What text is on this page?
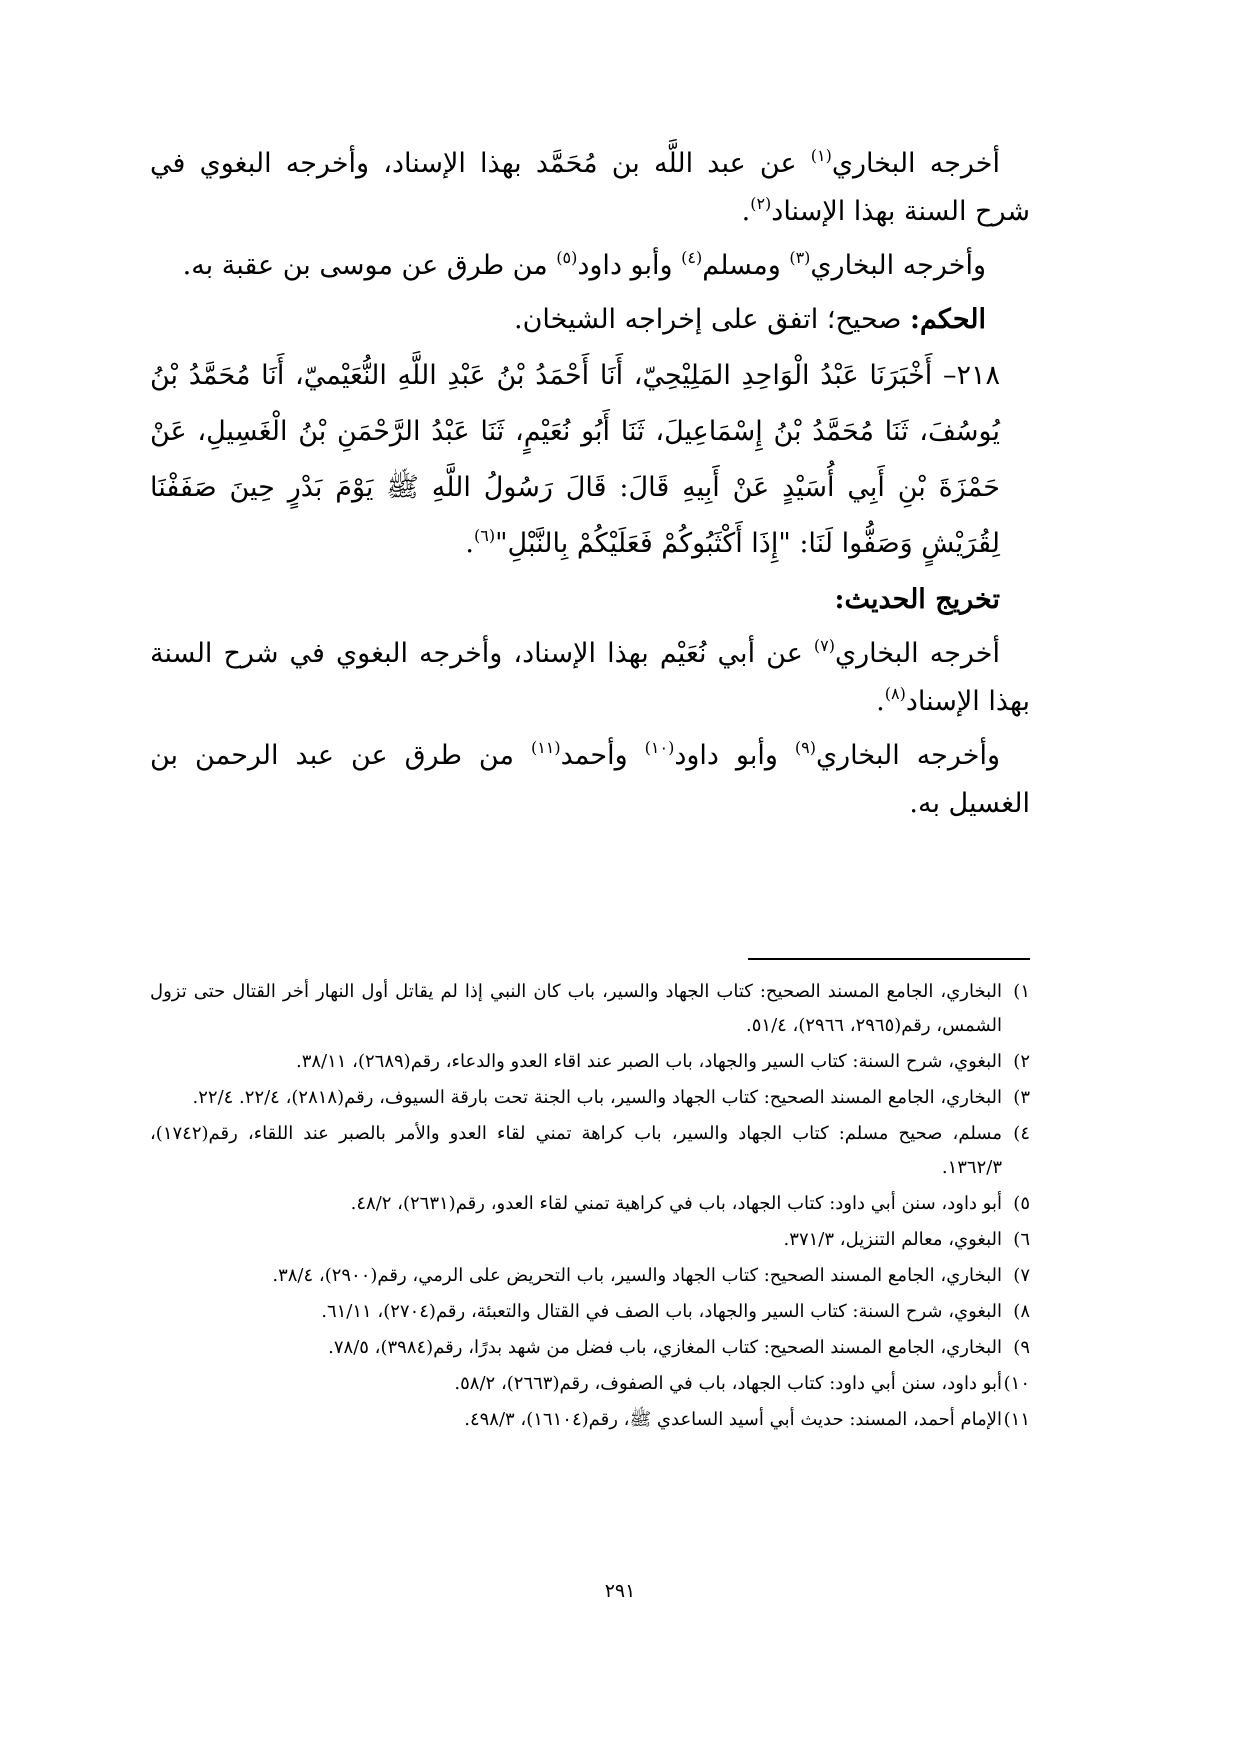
أخرجه البخاري$^{(١)}$ عن عبد اللَّه بن مُحَمَّد بهذا الإسناد، وأخرجه البغوي في شرح السنة بهذا الإسناد$^{(٢)}$.

وأخرجه البخاري$^{(٣)}$ ومسلم$^{(٤)}$ وأبو داود$^{(٥)}$ من طرق عن موسى بن عقبة به.

الحكم: صحيح؛ اتفق على إخراجه الشيخان.

٢١٨– أَخْبَرَنَا عَبْدُ الْوَاحِدِ المَلِيْحِيّ، أَنَا أَحْمَدُ بْنُ عَبْدِ اللَّهِ النُّعَيْميّ، أَنَا مُحَمَّدُ بْنُ يُوسُفَ، ثَنَا مُحَمَّدُ بْنُ إِسْمَاعِيلَ، ثَنَا أَبُو نُعَيْمٍ، ثَنَا عَبْدُ الرَّحْمَنِ بْنُ الْغَسِيلِ، عَنْ حَمْزَةَ بْنِ أَبِي أُسَيْدٍ عَنْ أَبِيهِ قَالَ: قَالَ رَسُولُ اللَّهِ ﷺ يَوْمَ بَدْرٍ حِينَ صَفَفْنَا لِقُرَيْشٍ وَصَفُّوا لَنَا: "إِذَا أَكْثَبُوكُمْ فَعَلَيْكُمْ بِالنَّبْلِ"$^{(٦)}$.

تخريج الحديث:

أخرجه البخاري$^{(٧)}$ عن أبي نُعَيْم بهذا الإسناد، وأخرجه البغوي في شرح السنة بهذا الإسناد$^{(٨)}$.

وأخرجه البخاري$^{(٩)}$ وأبو داود$^{(١٠)}$ وأحمد$^{(١١)}$ من طرق عن عبد الرحمن بن الغسيل به.

١)البخاري، الجامع المسند الصحيح: كتاب الجهاد والسير، باب كان النبي إذا لم يقاتل أول النهار أخر القتال حتى تزول الشمس، رقم(٢٩٦٥، ٢٩٦٦)، ٥١/٤.

٢)البغوي، شرح السنة: كتاب السير والجهاد، باب الصبر عند اقاء العدو والدعاء، رقم(٢٦٨٩)، ٣٨/١١.

٣)البخاري، الجامع المسند الصحيح: كتاب الجهاد والسير، باب الجنة تحت بارقة السيوف، رقم(٢٨١٨)، ٢٢/٤. ٢٢/٤.

٤)مسلم، صحيح مسلم: كتاب الجهاد والسير، باب كراهة تمني لقاء العدو والأمر بالصبر عند اللقاء، رقم(١٧٤٢)، ١٣٦٢/٣.

٥)أبو داود، سنن أبي داود: كتاب الجهاد، باب في كراهية تمني لقاء العدو، رقم(٢٦٣١)، ٤٨/٢.

٦)البغوي، معالم التنزيل، ٣٧١/٣.

٧)البخاري، الجامع المسند الصحيح: كتاب الجهاد والسير، باب التحريض على الرمي، رقم(٢٩٠٠)، ٣٨/٤.

٨)البغوي، شرح السنة: كتاب السير والجهاد، باب الصف في القتال والتعبئة، رقم(٢٧٠٤)، ٦١/١١.

٩)البخاري، الجامع المسند الصحيح: كتاب المغازي، باب فضل من شهد بدرًا، رقم(٣٩٨٤)، ٧٨/٥.

١٠)أبو داود، سنن أبي داود: كتاب الجهاد، باب في الصفوف، رقم(٢٦٦٣)، ٥٨/٢.

١١)الإمام أحمد، المسند: حديث أبي أسيد الساعدي ﷺ، رقم(١٦١٠٤)، ٤٩٨/٣.

٢٩١
